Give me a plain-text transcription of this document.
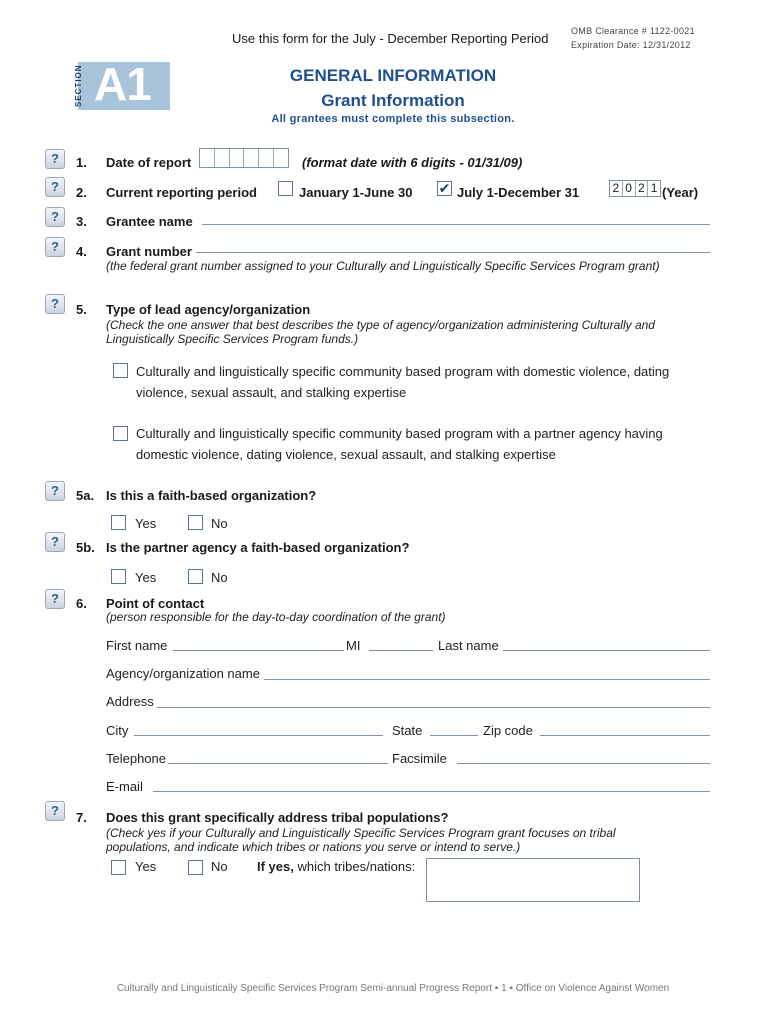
Use this form for the July - December Reporting Period	OMB Clearance # 1122-0021
Expiration Date: 12/31/2012
SECTION A1	GENERAL INFORMATION
Grant Information
All grantees must complete this subsection.
?	1. Date of report	(format date with 6 digits - 01/31/09)
?	2. Current reporting period	January 1-June 30 ✔ July 1-December 31	2 0 2 1 (Year)
?	3. Grantee name
?	4. Grant number
(the federal grant number assigned to your Culturally and Linguistically Specific Services Program grant)
?	5. Type of lead agency/organization
(Check the one answer that best describes the type of agency/organization administering Culturally and Linguistically Specific Services Program funds.)
Culturally and linguistically specific community based program with domestic violence, dating violence, sexual assault, and stalking expertise
Culturally and linguistically specific community based program with a partner agency having domestic violence, dating violence, sexual assault, and stalking expertise
?	5a. Is this a faith-based organization?
Yes	No
?	5b. Is the partner agency a faith-based organization?
Yes	No
?	6. Point of contact
(person responsible for the day-to-day coordination of the grant)
First name	MI	Last name
Agency/organization name
Address
City	State	Zip code
Telephone	Facsimile
E-mail
?	7. Does this grant specifically address tribal populations?
(Check yes if your Culturally and Linguistically Specific Services Program grant focuses on tribal populations, and indicate which tribes or nations you serve or intend to serve.)
Yes	No If yes, which tribes/nations:
Culturally and Linguistically Specific Services Program Semi-annual Progress Report ▪ 1 ▪ Office on Violence Against Women
